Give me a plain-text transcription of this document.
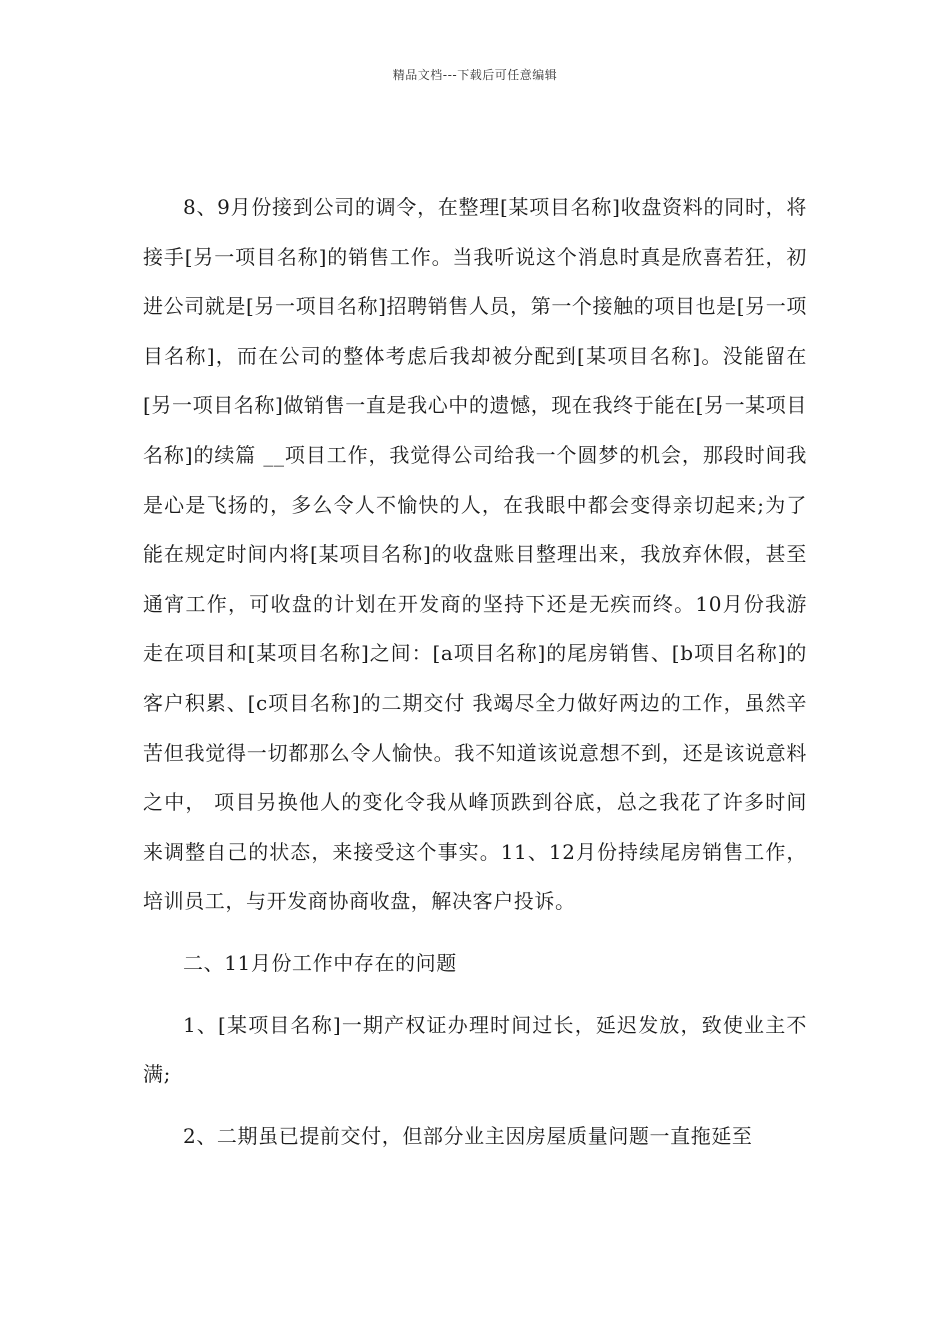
精品文档---下载后可任意编辑

8、9月份接到公司的调令，在整理[某项目名称]收盘资料的同时，将接手[另一项目名称]的销售工作。当我听说这个消息时真是欣喜若狂，初进公司就是[另一项目名称]招聘销售人员，第一个接触的项目也是[另一项目名称]，而在公司的整体考虑后我却被分配到[某项目名称]。没能留在[另一项目名称]做销售一直是我心中的遗憾，现在我终于能在[另一某项目名称]的续篇 __项目工作，我觉得公司给我一个圆梦的机会，那段时间我是心是飞扬的，多么令人不愉快的人，在我眼中都会变得亲切起来;为了能在规定时间内将[某项目名称]的收盘账目整理出来，我放弃休假，甚至通宵工作，可收盘的计划在开发商的坚持下还是无疾而终。10月份我游走在项目和[某项目名称]之间：[a项目名称]的尾房销售、[b项目名称]的客户积累、[c项目名称]的二期交付 我竭尽全力做好两边的工作，虽然辛苦但我觉得一切都那么令人愉快。我不知道该说意想不到，还是该说意料之中， 项目另换他人的变化令我从峰顶跌到谷底，总之我花了许多时间来调整自己的状态，来接受这个事实。11、12月份持续尾房销售工作，培训员工，与开发商协商收盘，解决客户投诉。

二、11月份工作中存在的问题

1、[某项目名称]一期产权证办理时间过长，延迟发放，致使业主不满;

2、二期虽已提前交付，但部分业主因房屋质量问题一直拖延至
